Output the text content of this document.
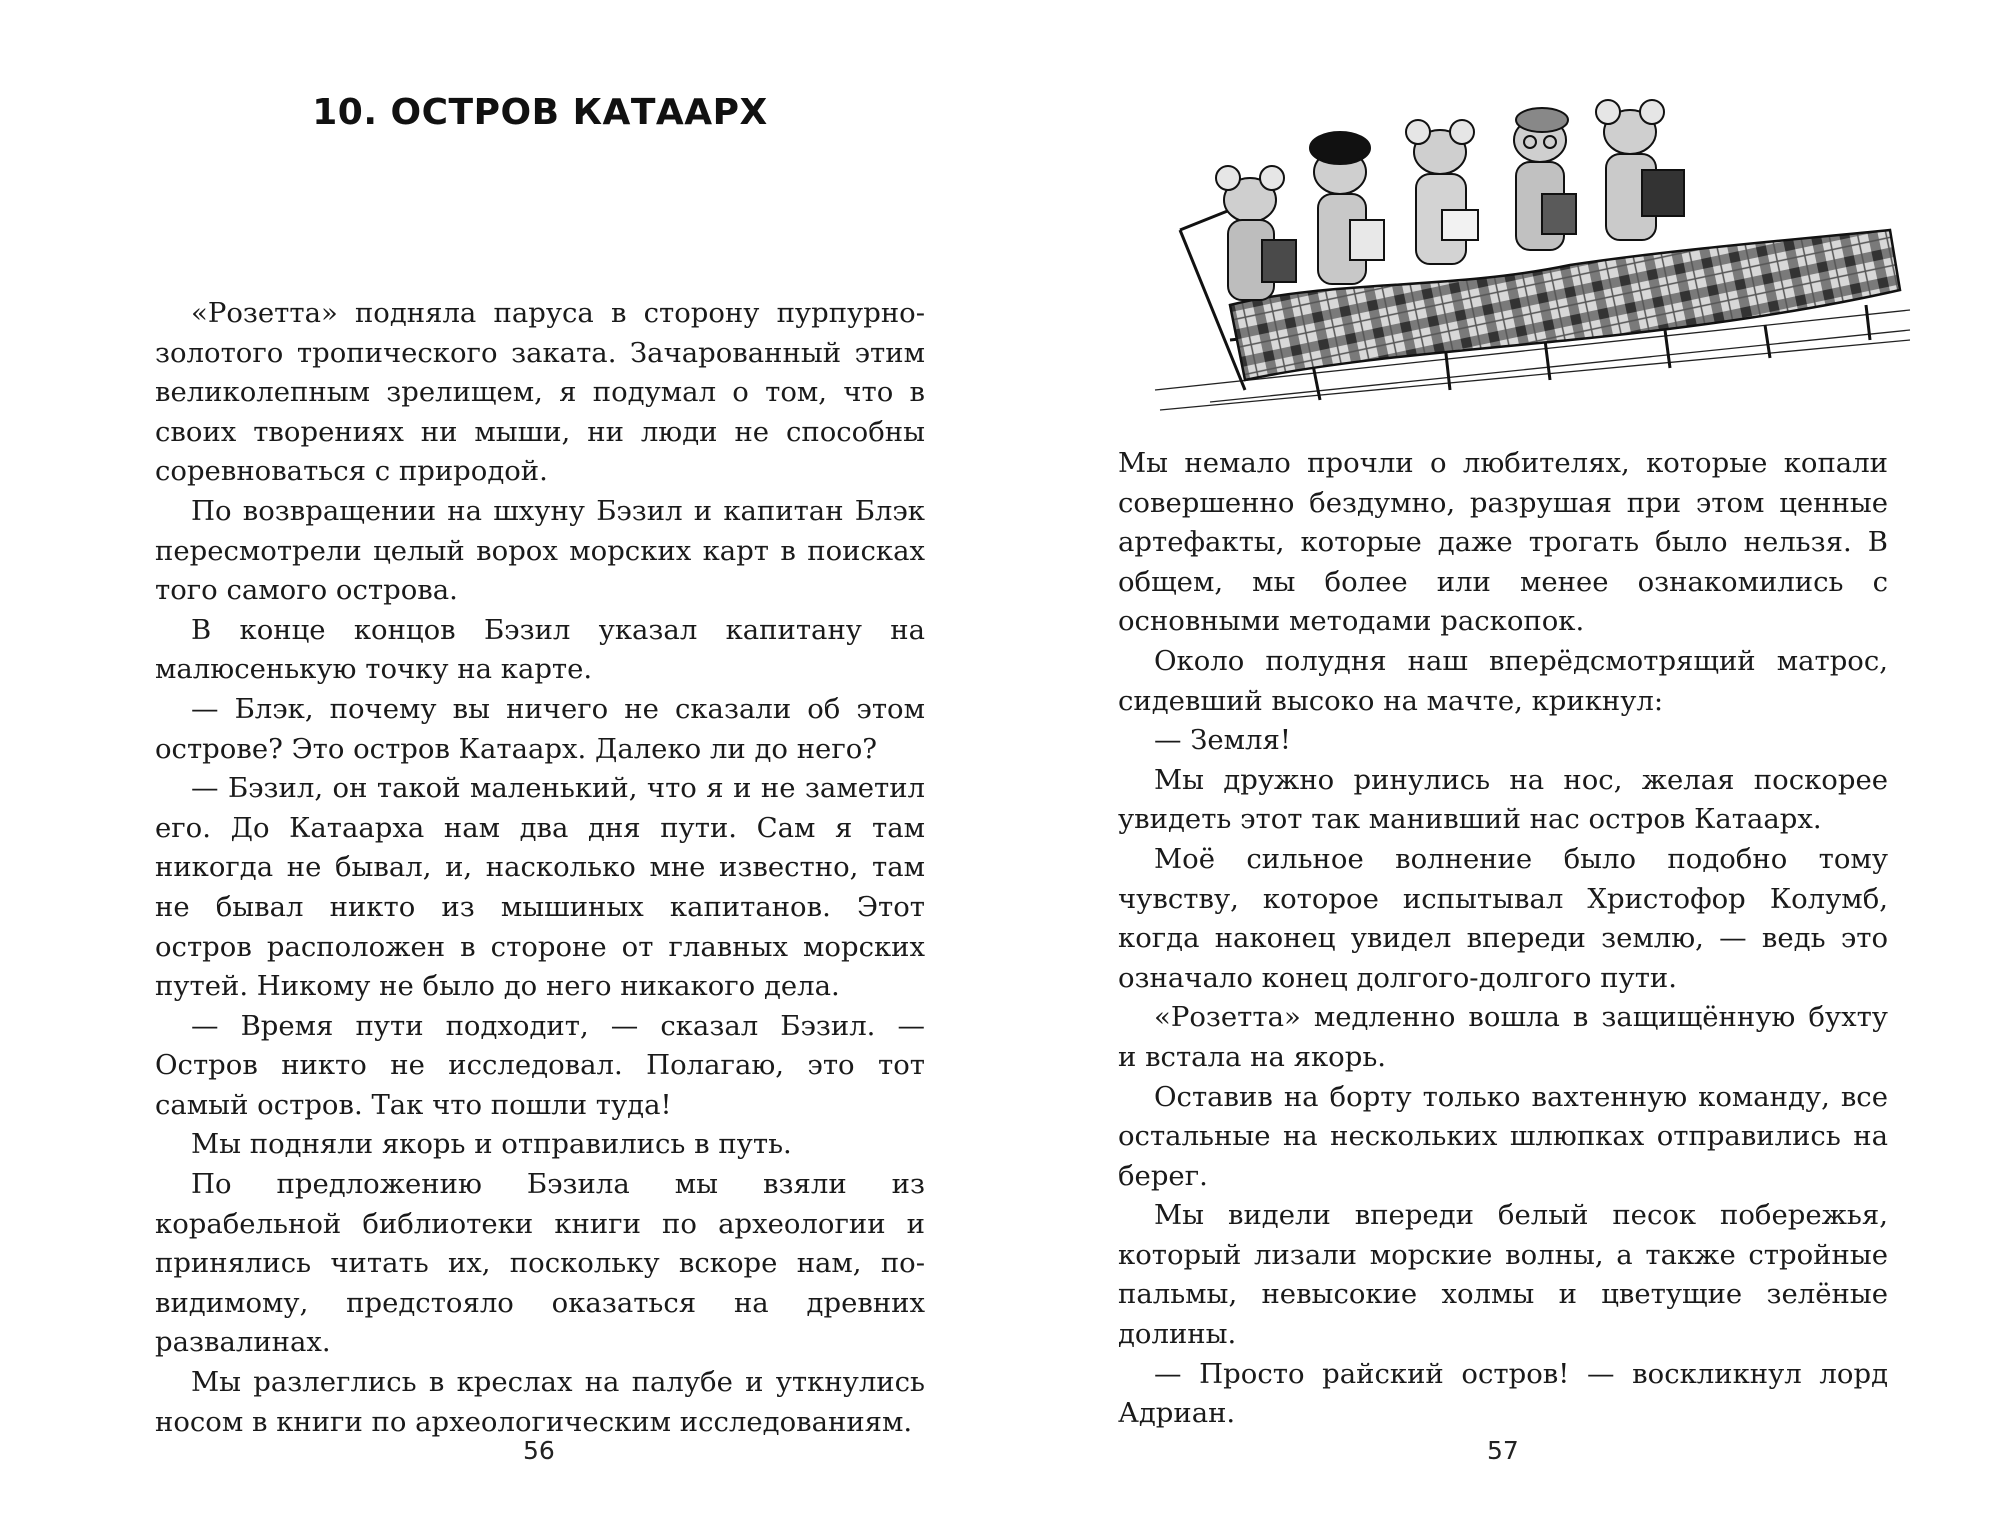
10. ОСТРОВ КАТААРХ

«Розетта» подняла паруса в сторону пурпурно-золотого тропического заката. Зачарованный этим великолепным зрелищем, я подумал о том, что в своих творениях ни мыши, ни люди не способны соревноваться с природой.

По возвращении на шхуну Бэзил и капитан Блэк пересмотрели целый ворох морских карт в поисках того самого острова.

В конце концов Бэзил указал капитану на малюсенькую точку на карте.

— Блэк, почему вы ничего не сказали об этом острове? Это остров Катаарх. Далеко ли до него?

— Бэзил, он такой маленький, что я и не заметил его. До Катаарха нам два дня пути. Сам я там никогда не бывал, и, насколько мне известно, там не бывал никто из мышиных капитанов. Этот остров расположен в стороне от главных морских путей. Никому не было до него никакого дела.

— Время пути подходит, — сказал Бэзил. — Остров никто не исследовал. Полагаю, это тот самый остров. Так что пошли туда!

Мы подняли якорь и отправились в путь.

По предложению Бэзила мы взяли из корабельной библиотеки книги по археологии и принялись читать их, поскольку вскоре нам, по-видимому, предстояло оказаться на древних развалинах.

Мы разлеглись в креслах на палубе и уткнулись носом в книги по археологическим исследованиям.

56

Мы немало прочли о любителях, которые копали совершенно бездумно, разрушая при этом ценные артефакты, которые даже трогать было нельзя. В общем, мы более или менее ознакомились с основными методами раскопок.

Около полудня наш вперёдсмотрящий матрос, сидевший высоко на мачте, крикнул:

— Земля!

Мы дружно ринулись на нос, желая поскорее увидеть этот так манивший нас остров Катаарх.

Моё сильное волнение было подобно тому чувству, которое испытывал Христофор Колумб, когда наконец увидел впереди землю, — ведь это означало конец долгого-долгого пути.

«Розетта» медленно вошла в защищённую бухту и встала на якорь.

Оставив на борту только вахтенную команду, все остальные на нескольких шлюпках отправились на берег.

Мы видели впереди белый песок побережья, который лизали морские волны, а также стройные пальмы, невысокие холмы и цветущие зелёные долины.

— Просто райский остров! — воскликнул лорд Адриан.

57
